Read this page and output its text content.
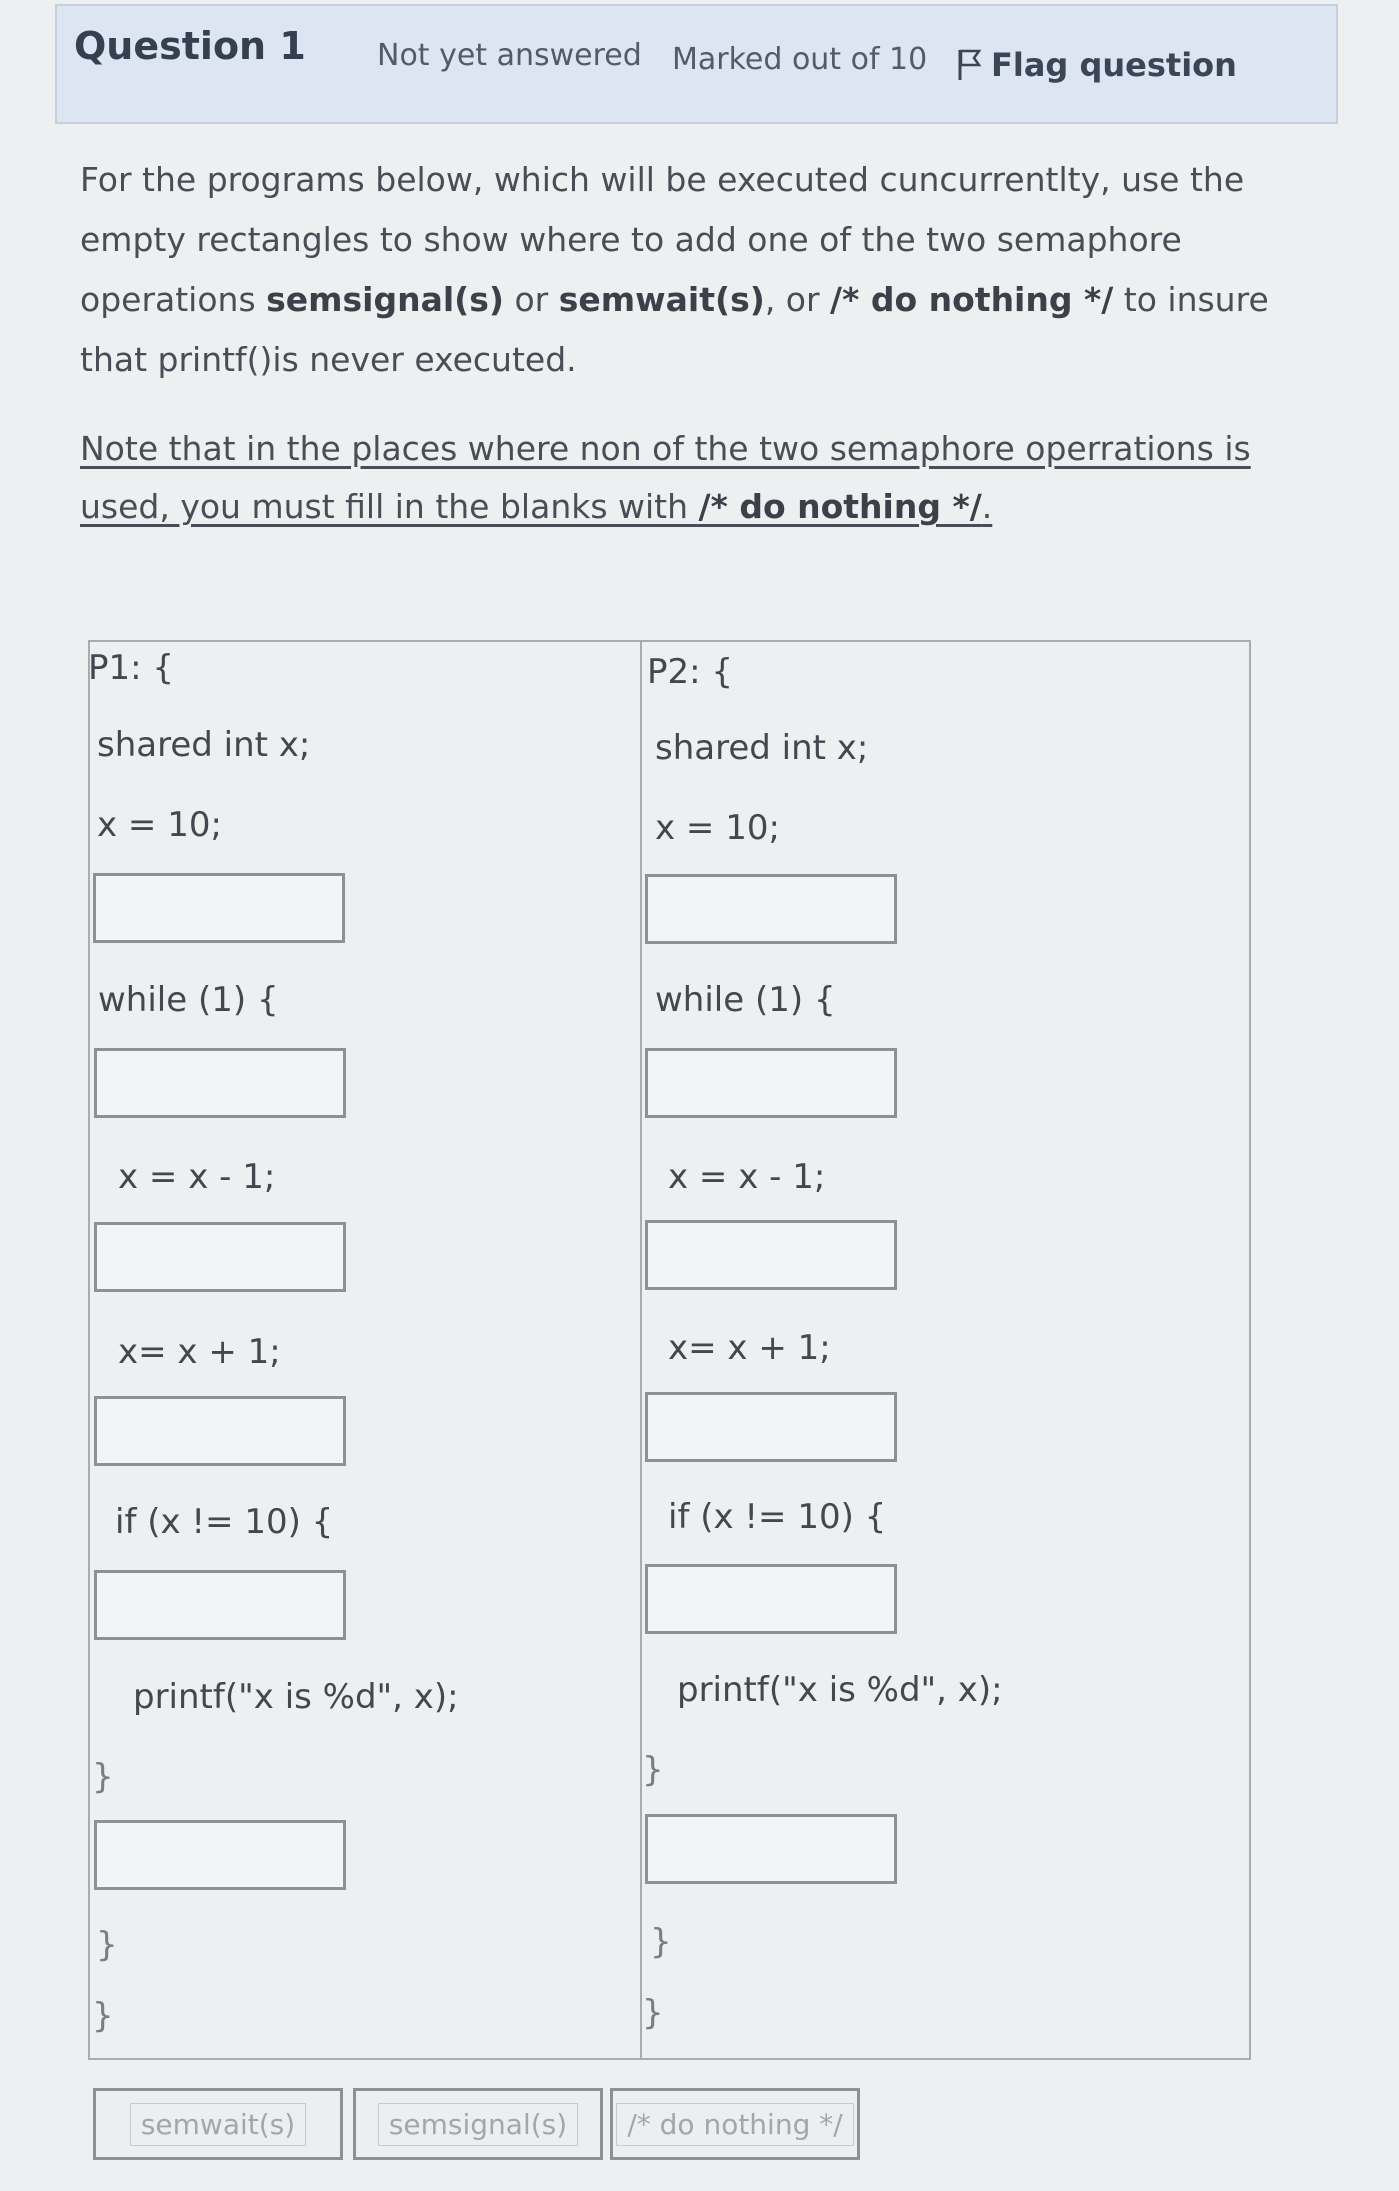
Question 1 Not yet answered Marked out of 10 Flag question
For the programs below, which will be executed cuncurrentlty, use the empty rectangles to show where to add one of the two semaphore operations semsignal(s) or semwait(s), or /* do nothing */ to insure that printf()is never executed.
Note that in the places where non of the two semaphore operrations is used, you must fill in the blanks with /* do nothing */.
P1: {
shared int x;
x = 10;
while (1) {
x = x - 1;
x= x + 1;
if (x != 10) {
printf("x is %d", x);
}
}
}
P2: {
shared int x;
x = 10;
while (1) {
x = x - 1;
x= x + 1;
if (x != 10) {
printf("x is %d", x);
}
}
}
semwait(s)	semsignal(s)	/* do nothing */
